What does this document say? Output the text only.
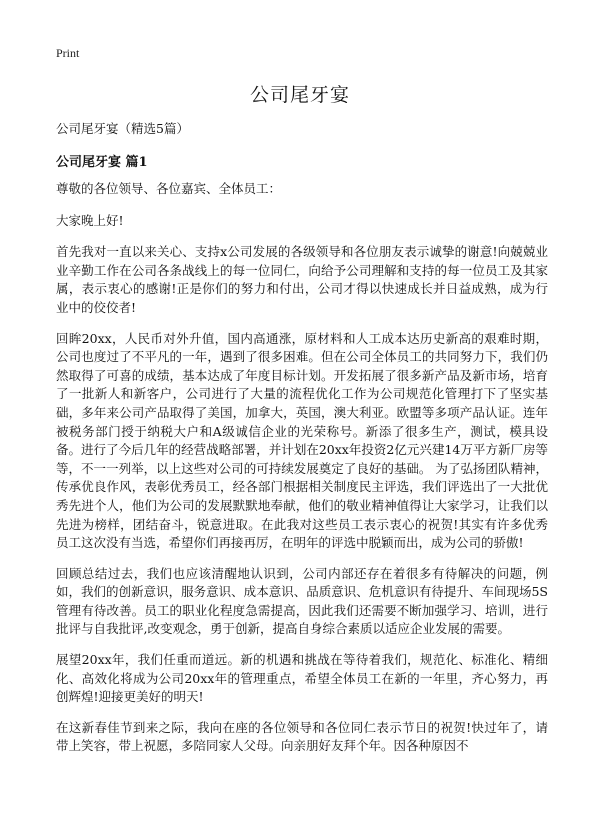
Print
公司尾牙宴

公司尾牙宴（精选5篇）

公司尾牙宴 篇1

尊敬的各位领导、各位嘉宾、全体员工：

大家晚上好!

首先我对一直以来关心、支持x公司发展的各级领导和各位朋友表示诚挚的谢意!向兢兢业业辛勤工作在公司各条战线上的每一位同仁，向给予公司理解和支持的每一位员工及其家属，表示衷心的感谢!正是你们的努力和付出，公司才得以快速成长并日益成熟，成为行业中的佼佼者!

回眸20xx，人民币对外升值，国内高通涨，原材料和人工成本达历史新高的艰难时期，公司也度过了不平凡的一年，遇到了很多困难。但在公司全体员工的共同努力下，我们仍然取得了可喜的成绩，基本达成了年度目标计划。开发拓展了很多新产品及新市场，培育了一批新人和新客户，公司进行了大量的流程优化工作为公司规范化管理打下了坚实基础，多年来公司产品取得了美国，加拿大，英国，澳大利亚。欧盟等多项产品认证。连年被税务部门授于纳税大户和A级诚信企业的光荣称号。新添了很多生产，测试，模具设备。进行了今后几年的经营战略部署，并计划在20xx年投资2亿元兴建14万平方新厂房等等，不一一列举，以上这些对公司的可持续发展奠定了良好的基础。 为了弘扬团队精神，传承优良作风，表彰优秀员工，经各部门根据相关制度民主评选，我们评选出了一大批优秀先进个人，他们为公司的发展默默地奉献，他们的敬业精神值得让大家学习，让我们以先进为榜样，团结奋斗，锐意进取。在此我对这些员工表示衷心的祝贺!其实有许多优秀员工这次没有当选，希望你们再接再厉，在明年的评选中脱颖而出，成为公司的骄傲!

回顾总结过去，我们也应该清醒地认识到，公司内部还存在着很多有待解决的问题，例如，我们的创新意识，服务意识、成本意识、品质意识、危机意识有待提升、车间现场5S管理有待改善。员工的职业化程度急需提高，因此我们还需要不断加强学习、培训，进行批评与自我批评,改变观念，勇于创新，提高自身综合素质以适应企业发展的需要。

展望20xx年，我们任重而道远。新的机遇和挑战在等待着我们，规范化、标准化、精细化、高效化将成为公司20xx年的管理重点，希望全体员工在新的一年里，齐心努力，再创辉煌!迎接更美好的明天!

在这新春佳节到来之际，我向在座的各位领导和各位同仁表示节日的祝贺!快过年了，请带上笑容，带上祝愿，多陪同家人父母。向亲朋好友拜个年。因各种原因不
